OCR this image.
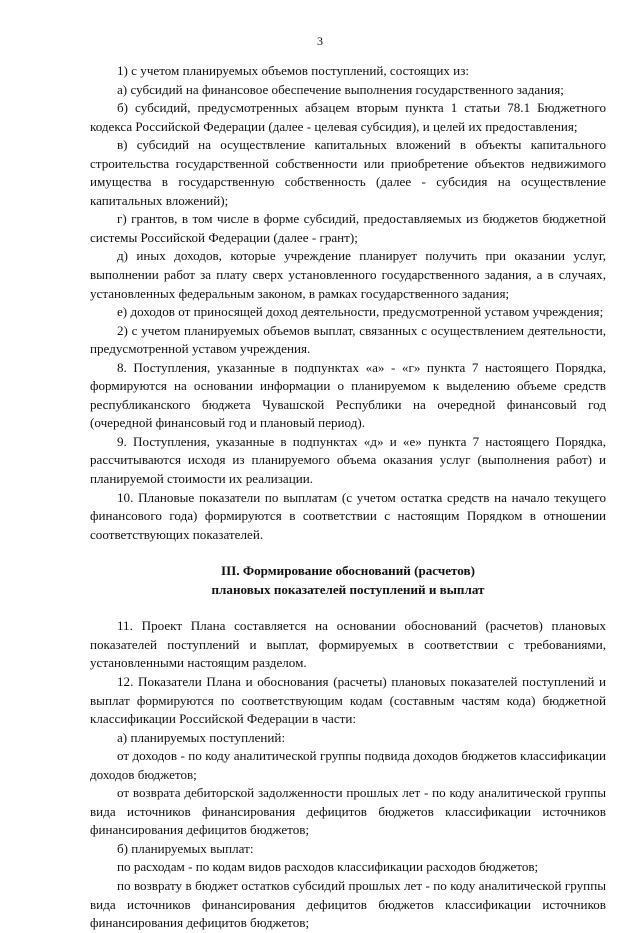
3

1) с учетом планируемых объемов поступлений, состоящих из:

а) субсидий на финансовое обеспечение выполнения государственного задания;

б) субсидий, предусмотренных абзацем вторым пункта 1 статьи 78.1 Бюджетного кодекса Российской Федерации (далее - целевая субсидия), и целей их предоставления;

в) субсидий на осуществление капитальных вложений в объекты капитального строительства государственной собственности или приобретение объектов недвижимого имущества в государственную собственность (далее - субсидия на осуществление капитальных вложений);

г) грантов, в том числе в форме субсидий, предоставляемых из бюджетов бюджетной системы Российской Федерации (далее - грант);

д) иных доходов, которые учреждение планирует получить при оказании услуг, выполнении работ за плату сверх установленного государственного задания, а в случаях, установленных федеральным законом, в рамках государственного задания;

е) доходов от приносящей доход деятельности, предусмотренной уставом учреждения;

2) с учетом планируемых объемов выплат, связанных с осуществлением деятельности, предусмотренной уставом учреждения.

8. Поступления, указанные в подпунктах «а» - «г» пункта 7 настоящего Порядка, формируются на основании информации о планируемом к выделению объеме средств республиканского бюджета Чувашской Республики на очередной финансовый год (очередной финансовый год и плановый период).

9. Поступления, указанные в подпунктах «д» и «е» пункта 7 настоящего Порядка, рассчитываются исходя из планируемого объема оказания услуг (выполнения работ) и планируемой стоимости их реализации.

10. Плановые показатели по выплатам (с учетом остатка средств на начало текущего финансового года) формируются в соответствии с настоящим Порядком в отношении соответствующих показателей.

III. Формирование обоснований (расчетов)
плановых показателей поступлений и выплат

11. Проект Плана составляется на основании обоснований (расчетов) плановых показателей поступлений и выплат, формируемых в соответствии с требованиями, установленными настоящим разделом.

12. Показатели Плана и обоснования (расчеты) плановых показателей поступлений и выплат формируются по соответствующим кодам (составным частям кода) бюджетной классификации Российской Федерации в части:

а) планируемых поступлений:

от доходов - по коду аналитической группы подвида доходов бюджетов классификации доходов бюджетов;

от возврата дебиторской задолженности прошлых лет - по коду аналитической группы вида источников финансирования дефицитов бюджетов классификации источников финансирования дефицитов бюджетов;

б) планируемых выплат:

по расходам - по кодам видов расходов классификации расходов бюджетов;

по возврату в бюджет остатков субсидий прошлых лет - по коду аналитической группы вида источников финансирования дефицитов бюджетов классификации источников финансирования дефицитов бюджетов;
